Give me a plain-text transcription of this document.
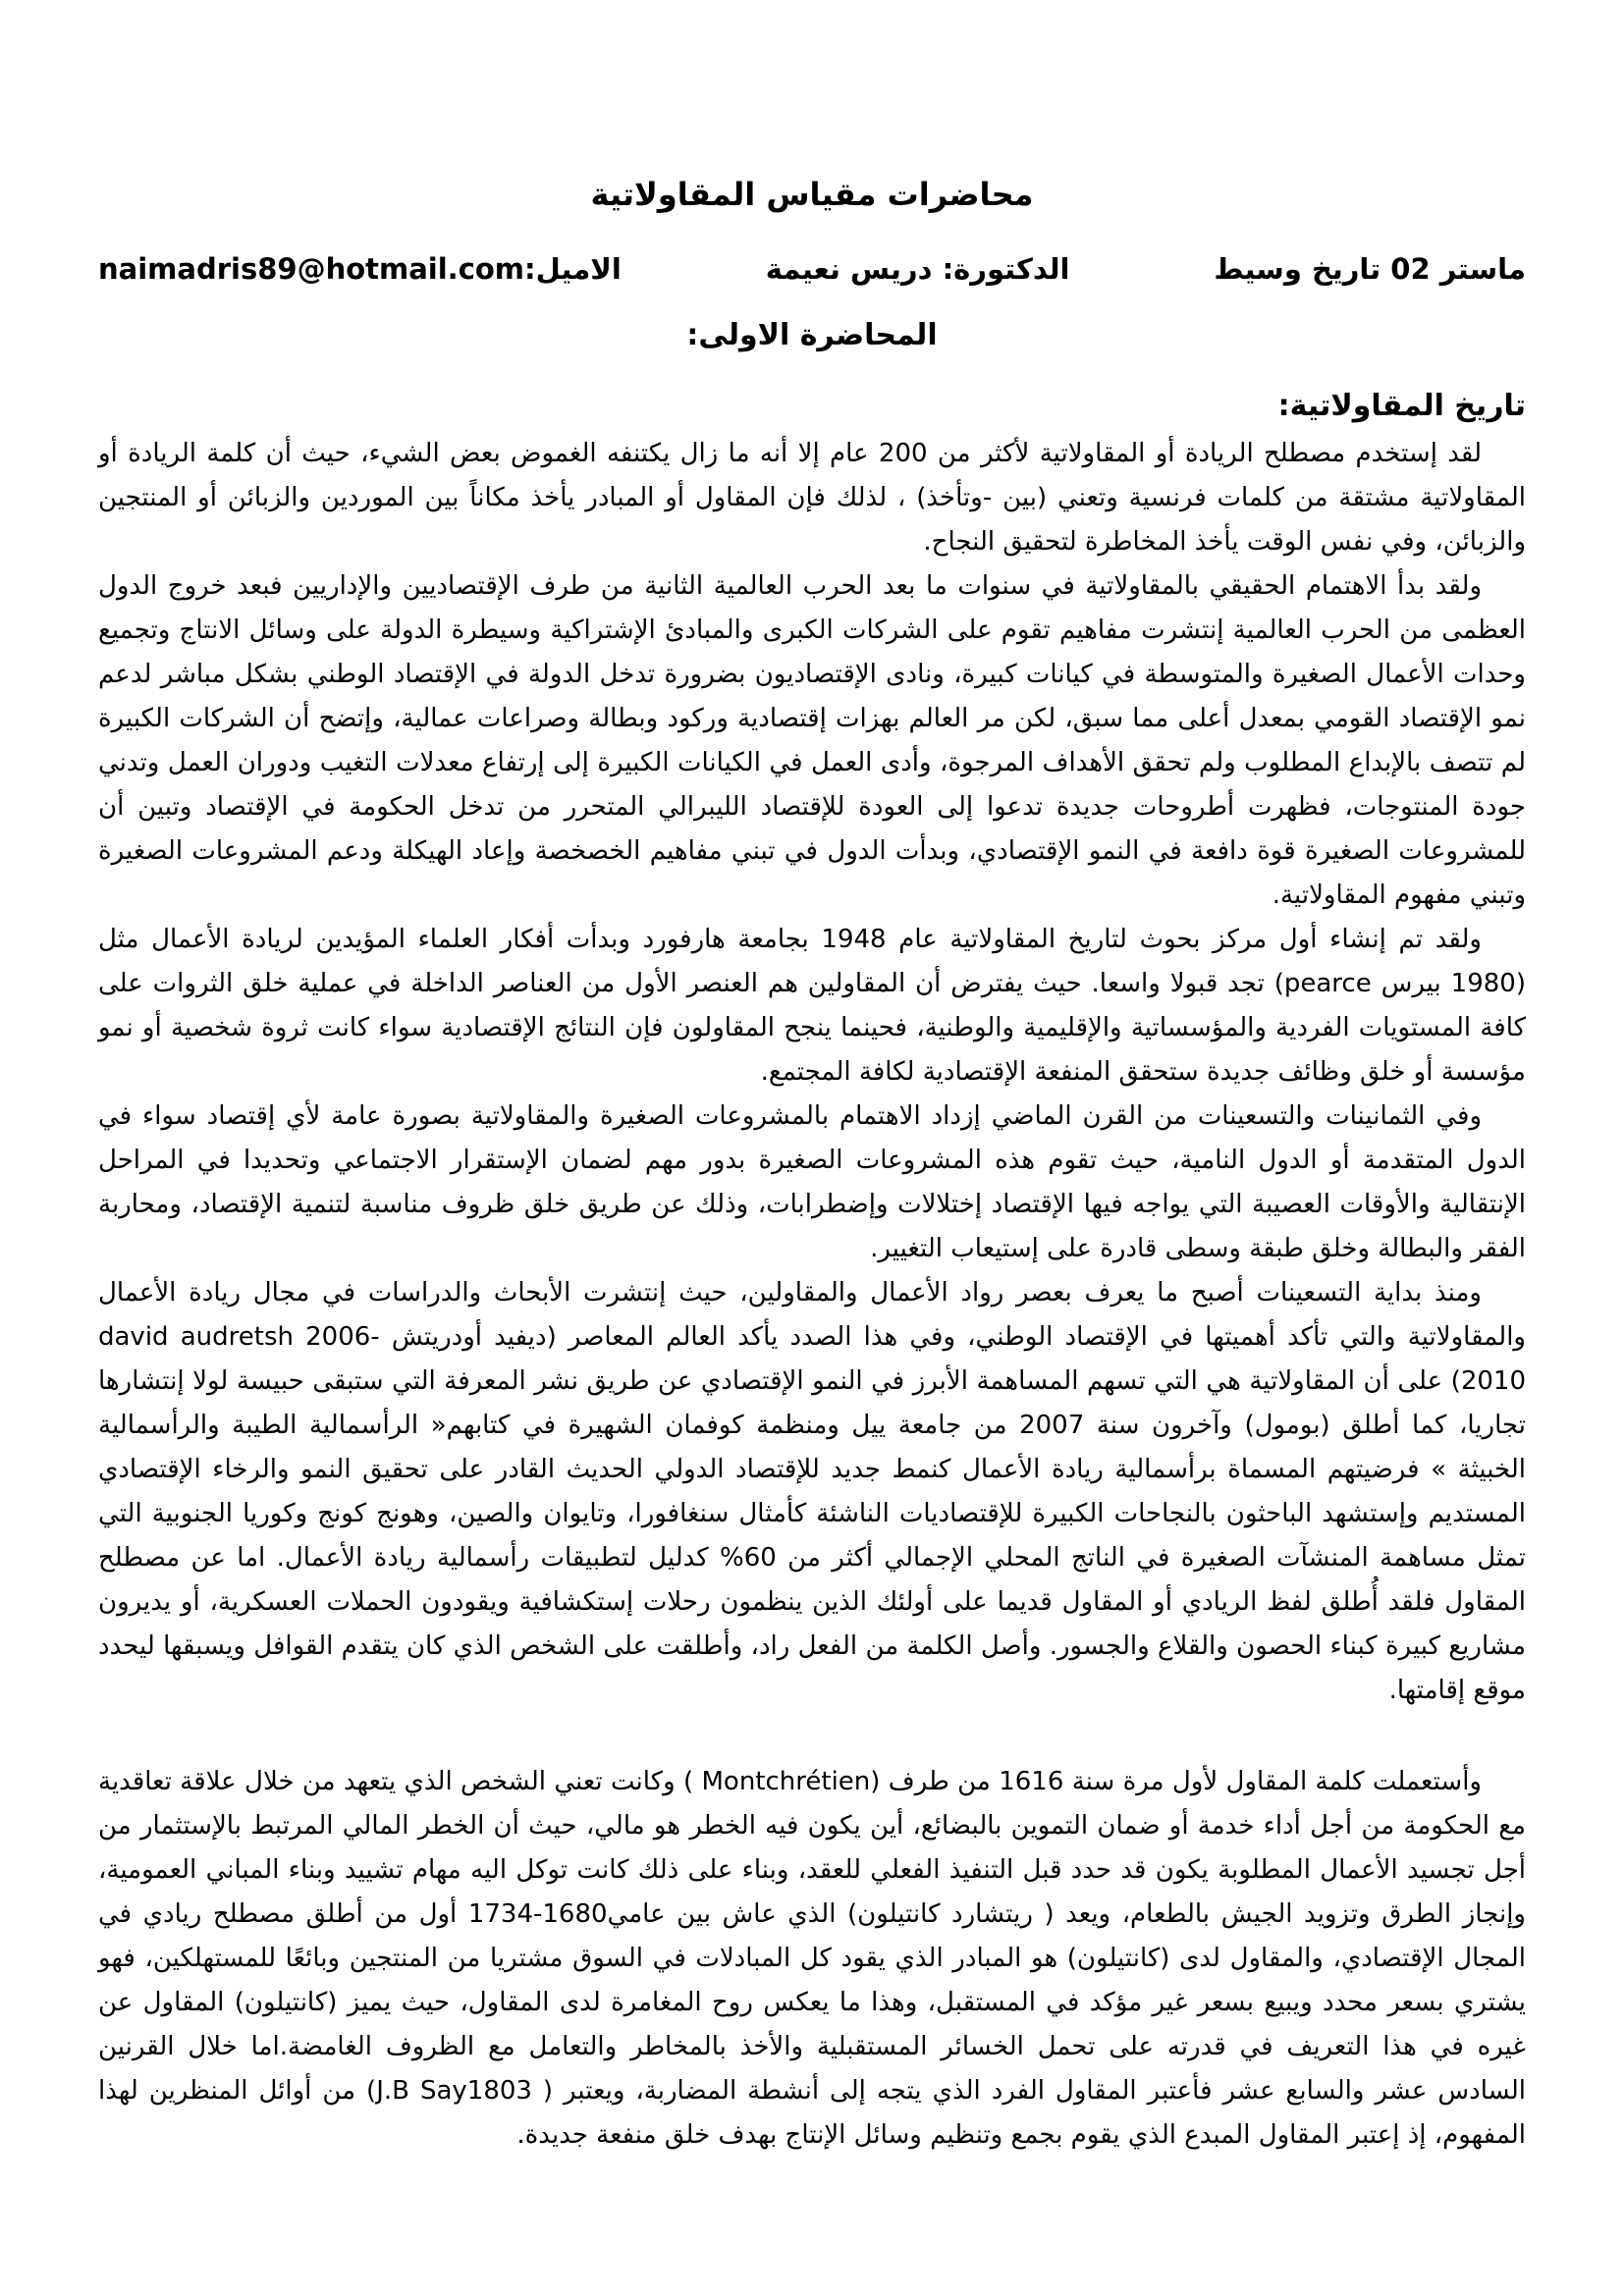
محاضرات مقياس المقاولاتية
ماستر 02 تاريخ وسيط
الدكتورة: دريس نعيمة
الاميل:naimadris89@hotmail.com
المحاضرة الاولى:
تاريخ المقاولاتية:

لقد إستخدم مصطلح الريادة أو المقاولاتية لأكثر من 200 عام إلا أنه ما زال يكتنفه الغموض بعض الشيء، حيث أن كلمة الريادة أو المقاولاتية مشتقة من كلمات فرنسية وتعني (بين -وتأخذ) ، لذلك فإن المقاول أو المبادر يأخذ مكاناً بين الموردين والزبائن أو المنتجين والزبائن، وفي نفس الوقت يأخذ المخاطرة لتحقيق النجاح.

ولقد بدأ الاهتمام الحقيقي بالمقاولاتية في سنوات ما بعد الحرب العالمية الثانية من طرف الإقتصاديين والإداريين فبعد خروج الدول العظمى من الحرب العالمية إنتشرت مفاهيم تقوم على الشركات الكبرى والمبادئ الإشتراكية وسيطرة الدولة على وسائل الانتاج وتجميع وحدات الأعمال الصغيرة والمتوسطة في كيانات كبيرة، ونادى الإقتصاديون بضرورة تدخل الدولة في الإقتصاد الوطني بشكل مباشر لدعم نمو الإقتصاد القومي بمعدل أعلى مما سبق، لكن مر العالم بهزات إقتصادية وركود وبطالة وصراعات عمالية، وإتضح أن الشركات الكبيرة لم تتصف بالإبداع المطلوب ولم تحقق الأهداف المرجوة، وأدى العمل في الكيانات الكبيرة إلى إرتفاع معدلات التغيب ودوران العمل وتدني جودة المنتوجات، فظهرت أطروحات جديدة تدعوا إلى العودة للإقتصاد الليبرالي المتحرر من تدخل الحكومة في الإقتصاد وتبين أن للمشروعات الصغيرة قوة دافعة في النمو الإقتصادي، وبدأت الدول في تبني مفاهيم الخصخصة وإعاد الهيكلة ودعم المشروعات الصغيرة وتبني مفهوم المقاولاتية.

ولقد تم إنشاء أول مركز بحوث لتاريخ المقاولاتية عام 1948 بجامعة هارفورد وبدأت أفكار العلماء المؤيدين لريادة الأعمال مثل (1980 بيرس pearce) تجد قبولا واسعا. حيث يفترض أن المقاولين هم العنصر الأول من العناصر الداخلة في عملية خلق الثروات على كافة المستويات الفردية والمؤسساتية والإقليمية والوطنية، فحينما ينجح المقاولون فإن النتائج الإقتصادية سواء كانت ثروة شخصية أو نمو مؤسسة أو خلق وظائف جديدة ستحقق المنفعة الإقتصادية لكافة المجتمع.

وفي الثمانينات والتسعينات من القرن الماضي إزداد الاهتمام بالمشروعات الصغيرة والمقاولاتية بصورة عامة لأي إقتصاد سواء في الدول المتقدمة أو الدول النامية، حيث تقوم هذه المشروعات الصغيرة بدور مهم لضمان الإستقرار الاجتماعي وتحديدا في المراحل الإنتقالية والأوقات العصيبة التي يواجه فيها الإقتصاد إختلالات وإضطرابات، وذلك عن طريق خلق ظروف مناسبة لتنمية الإقتصاد، ومحاربة الفقر والبطالة وخلق طبقة وسطى قادرة على إستيعاب التغيير.

ومنذ بداية التسعينات أصبح ما يعرف بعصر رواد الأعمال والمقاولين، حيث إنتشرت الأبحاث والدراسات في مجال ريادة الأعمال والمقاولاتية والتي تأكد أهميتها في الإقتصاد الوطني، وفي هذا الصدد يأكد العالم المعاصر (ديفيد أودريتش david audretsh 2006-2010) على أن المقاولاتية هي التي تسهم المساهمة الأبرز في النمو الإقتصادي عن طريق نشر المعرفة التي ستبقى حبيسة لولا إنتشارها تجاريا، كما أطلق (بومول) وآخرون سنة 2007 من جامعة ييل ومنظمة كوفمان الشهيرة في كتابهم« الرأسمالية الطيبة والرأسمالية الخبيثة » فرضيتهم المسماة برأسمالية ريادة الأعمال كنمط جديد للإقتصاد الدولي الحديث القادر على تحقيق النمو والرخاء الإقتصادي المستديم وإستشهد الباحثون بالنجاحات الكبيرة للإقتصاديات الناشئة كأمثال سنغافورا، وتايوان والصين، وهونج كونج وكوريا الجنوبية التي تمثل مساهمة المنشآت الصغيرة في الناتج المحلي الإجمالي أكثر من 60% كدليل لتطبيقات رأسمالية ريادة الأعمال. اما عن مصطلح المقاول فلقد أُطلق لفظ الريادي أو المقاول قديما على أولئك الذين ينظمون رحلات إستكشافية ويقودون الحملات العسكرية، أو يديرون مشاريع كبيرة كبناء الحصون والقلاع والجسور. وأصل الكلمة من الفعل راد، وأطلقت على الشخص الذي كان يتقدم القوافل ويسبقها ليحدد موقع إقامتها.

وأستعملت كلمة المقاول لأول مرة سنة 1616 من طرف (Montchrétien ) وكانت تعني الشخص الذي يتعهد من خلال علاقة تعاقدية مع الحكومة من أجل أداء خدمة أو ضمان التموين بالبضائع، أين يكون فيه الخطر هو مالي، حيث أن الخطر المالي المرتبط بالإستثمار من أجل تجسيد الأعمال المطلوبة يكون قد حدد قبل التنفيذ الفعلي للعقد، وبناء على ذلك كانت توكل اليه مهام تشييد وبناء المباني العمومية، وإنجاز الطرق وتزويد الجيش بالطعام، ويعد ( ريتشارد كانتيلون) الذي عاش بين عامي1680-1734 أول من أطلق مصطلح ريادي في المجال الإقتصادي، والمقاول لدى (كانتيلون) هو المبادر الذي يقود كل المبادلات في السوق مشتريا من المنتجين وبائعًا للمستهلكين، فهو يشتري بسعر محدد ويبيع بسعر غير مؤكد في المستقبل، وهذا ما يعكس روح المغامرة لدى المقاول، حيث يميز (كانتيلون) المقاول عن غيره في هذا التعريف في قدرته على تحمل الخسائر المستقبلية والأخذ بالمخاطر والتعامل مع الظروف الغامضة.اما خلال القرنين السادس عشر والسابع عشر فأعتبر المقاول الفرد الذي يتجه إلى أنشطة المضاربة، ويعتبر ( J.B Say1803) من أوائل المنظرين لهذا المفهوم، إذ إعتبر المقاول المبدع الذي يقوم بجمع وتنظيم وسائل الإنتاج بهدف خلق منفعة جديدة.
